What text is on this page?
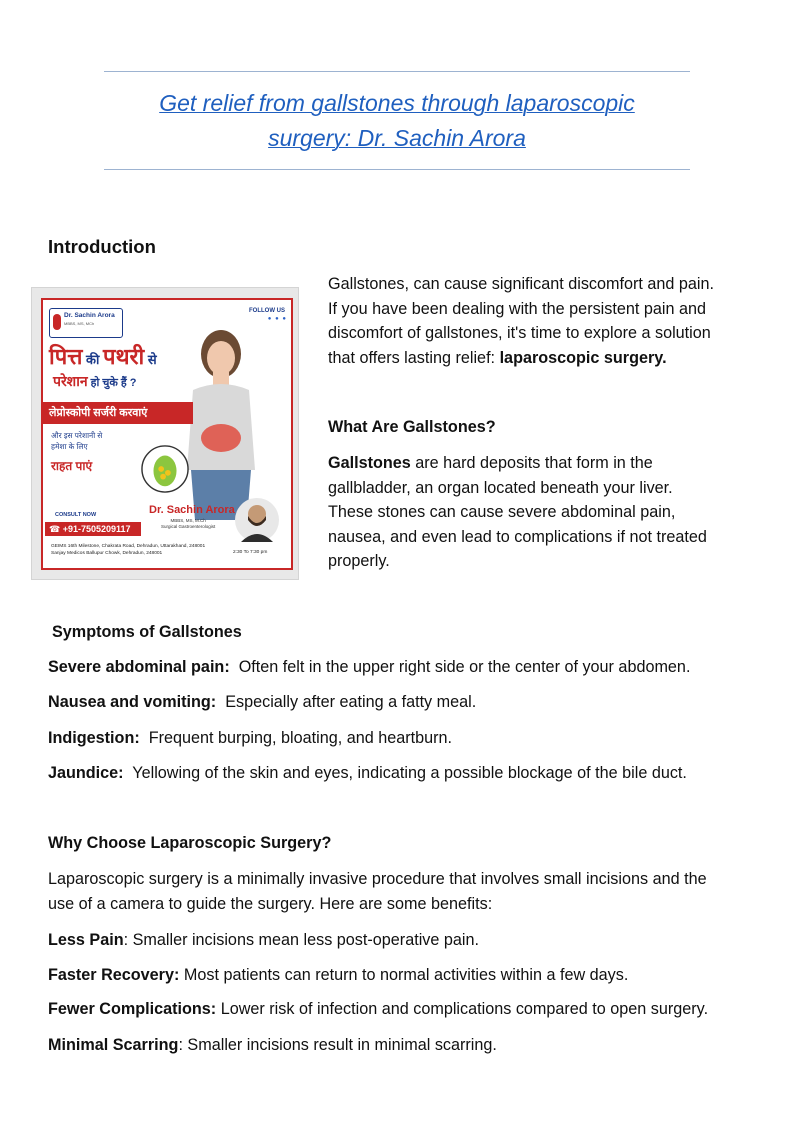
Get relief from gallstones through laparoscopic
surgery: Dr. Sachin Arora
Introduction
Dr. Sachin Arora
MBBS, MS, MCh
FOLLOW US
● ● ●
पित्त की पथरी से
परेशान हो चुके हैं ?
लेप्रोस्कोपी सर्जरी करवाएं
और इस परेशानी से
हमेशा के लिए
राहत पाएं
CONSULT NOW
☎ +91-7505209117
Dr. Sachin Arora
MBBS, MS, M.Ch
Surgical Gastroenterologist
GEIMS 16th Milestone, Chakrata Road, Dehradun, Uttarakhand, 248001
Sanjay Medicos Ballupur Chowk, Dehradun, 248001	2:30 To 7:30 pm
Gallstones, can cause significant discomfort and pain.
If you have been dealing with the persistent pain and
discomfort of gallstones, it's time to explore a solution
that offers lasting relief: laparoscopic surgery.
What Are Gallstones?
Gallstones are hard deposits that form in the
gallbladder, an organ located beneath your liver.
These stones can cause severe abdominal pain,
nausea, and even lead to complications if not treated
properly.
Symptoms of Gallstones
Severe abdominal pain: Often felt in the upper right side or the center of your abdomen.
Nausea and vomiting: Especially after eating a fatty meal.
Indigestion: Frequent burping, bloating, and heartburn.
Jaundice: Yellowing of the skin and eyes, indicating a possible blockage of the bile duct.
Why Choose Laparoscopic Surgery?
Laparoscopic surgery is a minimally invasive procedure that involves small incisions and the
use of a camera to guide the surgery. Here are some benefits:
Less Pain: Smaller incisions mean less post-operative pain.
Faster Recovery: Most patients can return to normal activities within a few days.
Fewer Complications: Lower risk of infection and complications compared to open surgery.
Minimal Scarring: Smaller incisions result in minimal scarring.
